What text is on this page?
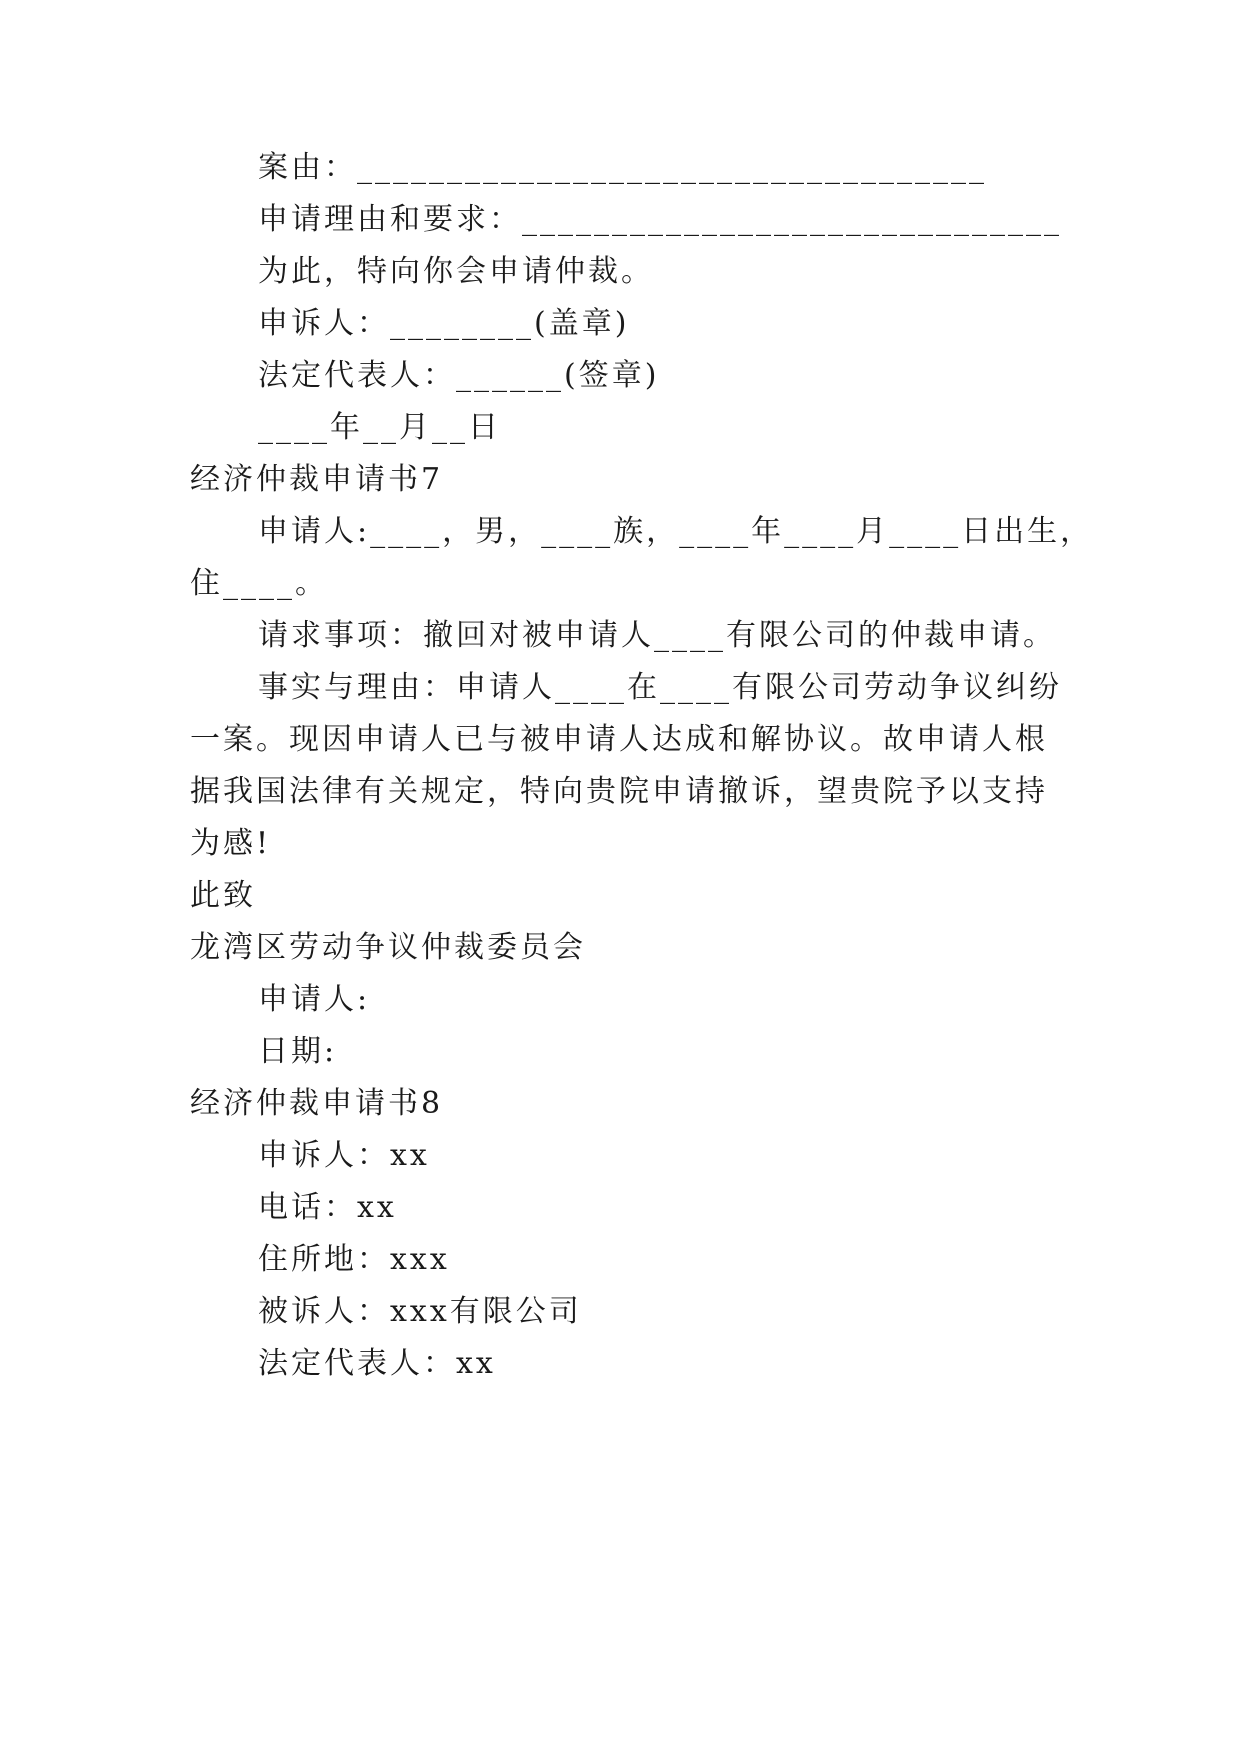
案由：___________________________________
申请理由和要求：______________________________
为此，特向你会申请仲裁。
申诉人：________(盖章)
法定代表人：______(签章)
____年__月__日
经济仲裁申请书7
申请人:____，男，____族，____年____月____日出生，
住____。
请求事项：撤回对被申请人____有限公司的仲裁申请。
事实与理由：申请人____在____有限公司劳动争议纠纷
一案。现因申请人已与被申请人达成和解协议。故申请人根
据我国法律有关规定，特向贵院申请撤诉，望贵院予以支持
为感!
此致
龙湾区劳动争议仲裁委员会
申请人:
日期:
经济仲裁申请书8
申诉人：xx
电话：xx
住所地：xxx
被诉人：xxx有限公司
法定代表人：xx
